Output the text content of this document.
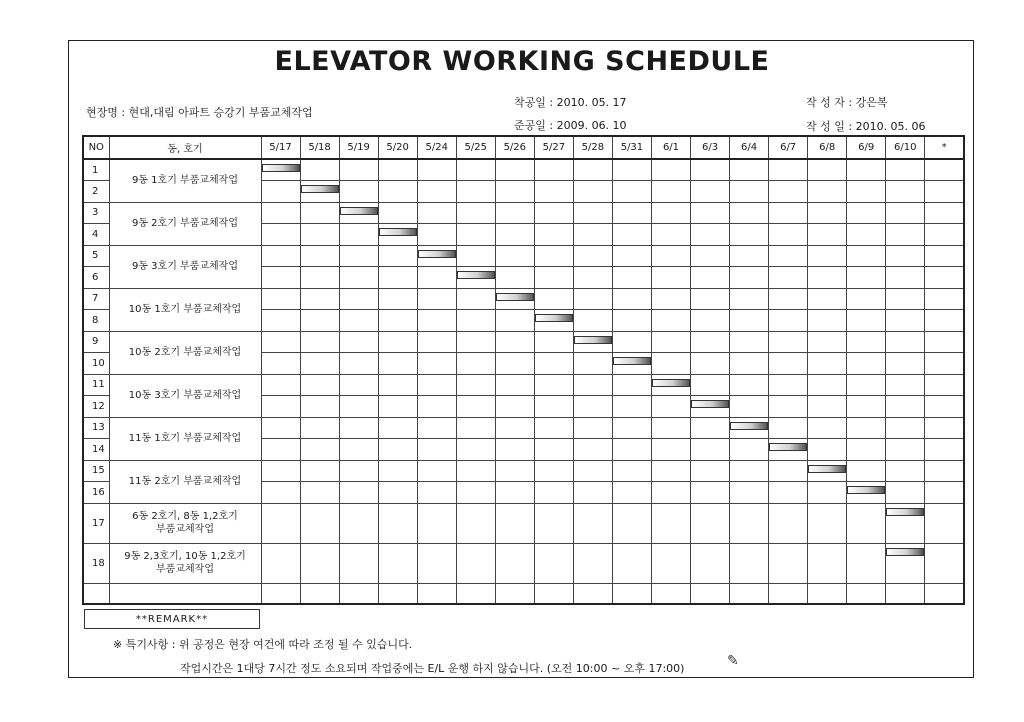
ELEVATOR WORKING SCHEDULE
현장명 : 현대,대림 아파트 승강기 부품교체작업
착공일 : 2010. 05. 17
준공일 : 2009. 06. 10
작 성 자 : 강은복
작 성 일 : 2010. 05. 06
NO	동, 호기	5/17	5/18	5/19	5/20	5/24	5/25	5/26	5/27	5/28	5/31	6/1	6/3	6/4	6/7	6/8	6/9	6/10	*
1	9동 1호기 부품교체작업	

2			

3	9동 2호기 부품교체작업			

4					

5	9동 3호기 부품교체작업					

6							

7	10동 1호기 부품교체작업							

8									

9	10동 2호기 부품교체작업									

10											

11	10동 3호기 부품교체작업											

12													

13	11동 1호기 부품교체작업													

14															

15	11동 2호기 부품교체작업															

16																	

17	6동 2호기, 8동 1,2호기
부품교체작업																		

18	9동 2,3호기, 10동 1,2호기
부품교체작업																		

**REMARK**
※ 특기사항 : 위 공정은 현장 여건에 따라 조정 될 수 있습니다.
작업시간은 1대당 7시간 정도 소요되며 작업중에는 E/L 운행 하지 않습니다. (오전 10:00 ~ 오후 17:00)	✎
